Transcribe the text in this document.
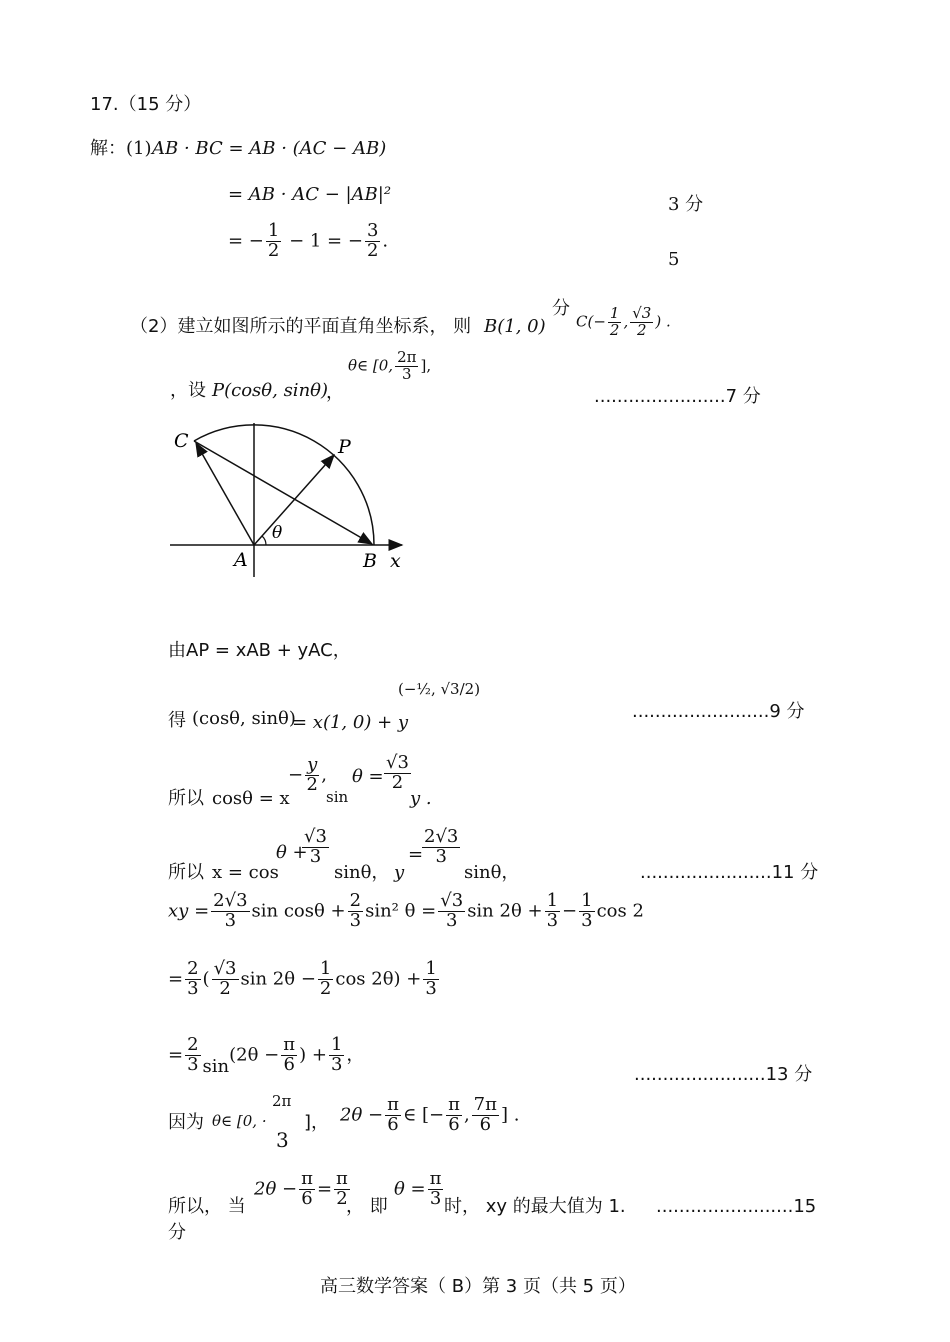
17.（15 分）
解： (1) AB · BC = AB · (AC − AB)
= AB · AC − |AB|²	3 分
= − $\frac{1}{2} - 1$ = − $\frac{3}{2}$ .
5
分
（2）建立如图所示的平面直角坐标系， 则 B(1, 0) $C(- \frac{1}{2}$ , $\frac{√3}{2}$ ) .
θ∈ [0, $\frac{2\pi}{3}$ ],
，设 P(cosθ, sinθ)
，	.......................7 分
C	P
A	B x
θ
由AP = xAB + yAC，
得 (cosθ, sinθ)
= x(1, 0) + y
(−½, √3/2)
........................9 分
所以 cosθ = x
− $\frac{y}{2}$ ,
sin
$\theta = \frac{√3}{2}$
y .
所以 x = cos
θ +
$\frac{√3}{3}$
sinθ， y
=
$\frac{2√3}{3}$
sinθ，	.......................11 分
xy = $\frac{2√3}{3}$ $\sin \cos\theta + \frac{2}{3} \sin^2$ $\theta = \frac{√3}{3}$ $\sin 2\theta + \frac{1}{3} - \frac{1}{3}$ cos 2
= $\frac{2}{3}$ ( $\frac{√3}{2}$ $\sin 2\theta - \frac{1}{2}$ $\cos 2\theta) + \frac{1}{3}$
= $\frac{2}{3} \sin(2\theta - \frac{\pi}{6}$ ) + $\frac{1}{3}$ ，
.......................13 分
因为 θ∈ [0, ·
2π
3
]， $2\theta - \frac{\pi}{6}$ ∈ [− $\frac{\pi}{6}$ , $\frac{7\pi}{6}$ ] .
所以， 当
$2\theta - \frac{\pi}{6} = \frac{\pi}{2}$
， 即
$\theta = \frac{\pi}{3}$ 时， xy 的最大值为 1. ........................15
分
高三数学答案（ B）第 3 页（共 5 页）
